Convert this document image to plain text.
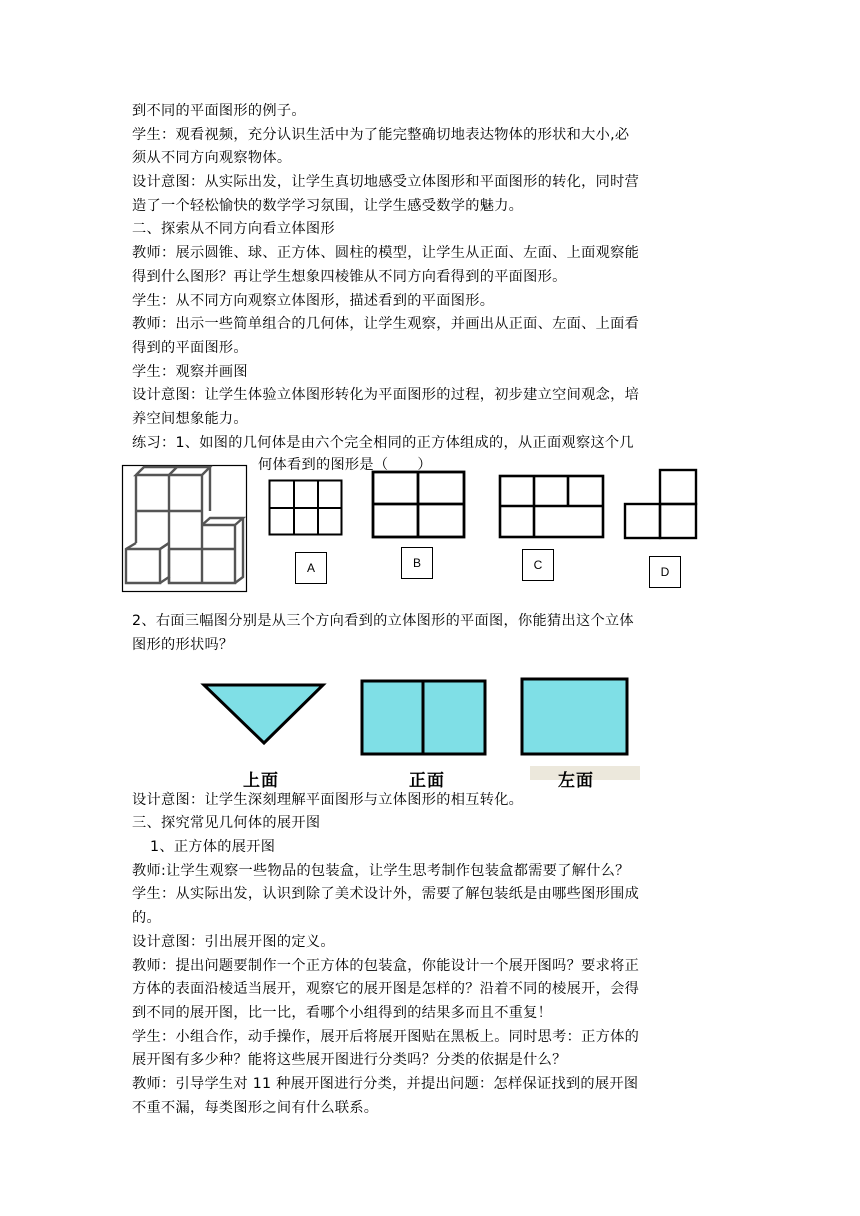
到不同的平面图形的例子。
学生：观看视频，充分认识生活中为了能完整确切地表达物体的形状和大小,必
须从不同方向观察物体。
设计意图：从实际出发，让学生真切地感受立体图形和平面图形的转化，同时营
造了一个轻松愉快的数学学习氛围，让学生感受数学的魅力。
二、探索从不同方向看立体图形
教师：展示圆锥、球、正方体、圆柱的模型，让学生从正面、左面、上面观察能
得到什么图形？再让学生想象四棱锥从不同方向看得到的平面图形。
学生：从不同方向观察立体图形，描述看到的平面图形。
教师：出示一些简单组合的几何体，让学生观察，并画出从正面、左面、上面看
得到的平面图形。
学生：观察并画图
设计意图：让学生体验立体图形转化为平面图形的过程，初步建立空间观念，培
养空间想象能力。
练习：1、如图的几何体是由六个完全相同的正方体组成的，从正面观察这个几
何体看到的图形是（　　）
A	B	C	D
2、右面三幅图分别是从三个方向看到的立体图形的平面图，你能猜出这个立体
图形的形状吗？
上面	正面	左面
设计意图：让学生深刻理解平面图形与立体图形的相互转化。
三、探究常见几何体的展开图
1、正方体的展开图
教师:让学生观察一些物品的包装盒，让学生思考制作包装盒都需要了解什么？
学生：从实际出发，认识到除了美术设计外，需要了解包装纸是由哪些图形围成
的。
设计意图：引出展开图的定义。
教师：提出问题要制作一个正方体的包装盒，你能设计一个展开图吗？要求将正
方体的表面沿棱适当展开，观察它的展开图是怎样的？沿着不同的棱展开，会得
到不同的展开图，比一比，看哪个小组得到的结果多而且不重复！
学生：小组合作，动手操作，展开后将展开图贴在黑板上。同时思考：正方体的
展开图有多少种？能将这些展开图进行分类吗？分类的依据是什么？
教师：引导学生对 11 种展开图进行分类，并提出问题：怎样保证找到的展开图
不重不漏，每类图形之间有什么联系。
